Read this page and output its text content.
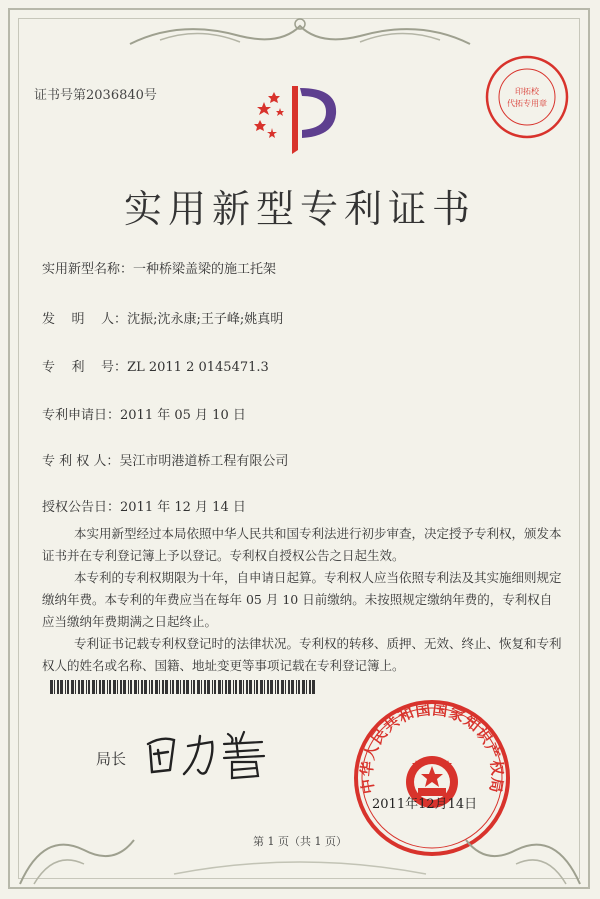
证书号第2036840号	印拓校
代拓专用章
实用新型专利证书
实用新型名称：一种桥梁盖梁的施工托架
发    明    人：沈振;沈永康;王子峰;姚真明
专    利    号：ZL 2011 2 0145471.3
专利申请日：2011 年 05 月 10 日
专 利 权 人：吴江市明港道桥工程有限公司
授权公告日：2011 年 12 月 14 日
本实用新型经过本局依照中华人民共和国专利法进行初步审查，决定授予专利权，颁发本证书并在专利登记簿上予以登记。专利权自授权公告之日起生效。
本专利的专利权期限为十年，自申请日起算。专利权人应当依照专利法及其实施细则规定缴纳年费。本专利的年费应当在每年 05 月 10 日前缴纳。未按照规定缴纳年费的，专利权自应当缴纳年费期满之日起终止。
专利证书记载专利权登记时的法律状况。专利权的转移、质押、无效、终止、恢复和专利权人的姓名或名称、国籍、地址变更等事项记载在专利登记簿上。
局长
中华人民共和国国家知识产权局
2011年12月14日
第 1 页（共 1 页）
